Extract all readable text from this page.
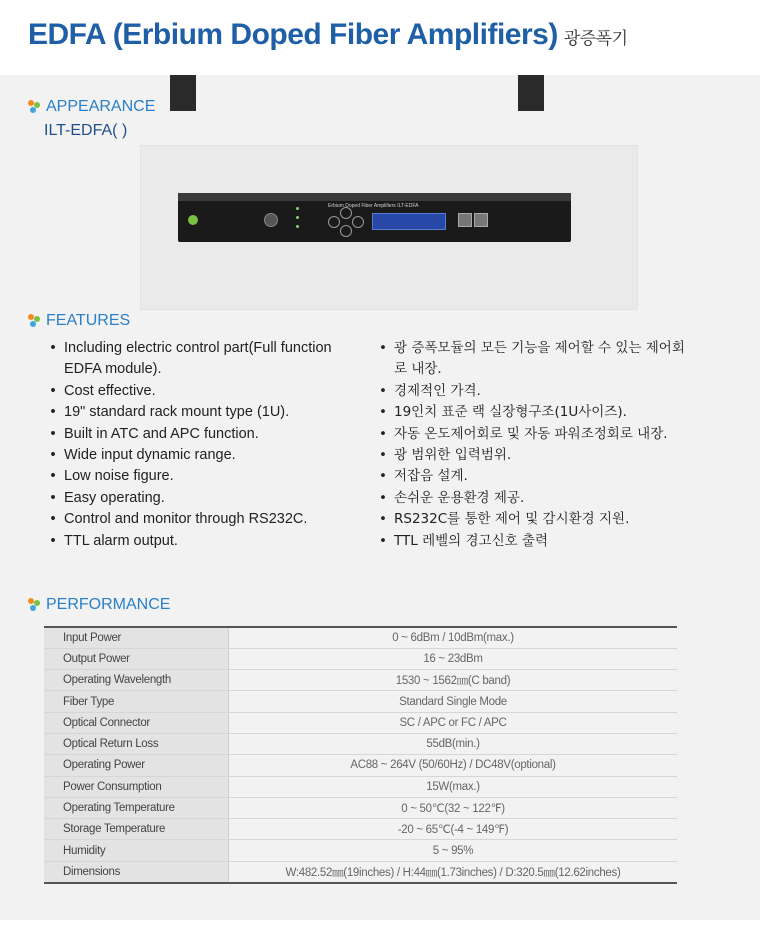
EDFA (Erbium Doped Fiber Amplifiers) 광증폭기
APPEARANCE
ILT-EDFA( )
Erbium Doped Fiber Amplifiers ILT-EDFA
FEATURES
• Including electric control part(Full function EDFA module).
• Cost effective.
• 19" standard rack mount type (1U).
• Built in ATC and APC function.
• Wide input dynamic range.
• Low noise figure.
• Easy operating.
• Control and monitor through RS232C.
• TTL alarm output.
• 광 증폭모듈의 모든 기능을 제어할 수 있는 제어회로 내장.
• 경제적인 가격.
• 19인치 표준 랙 실장형구조(1U사이즈).
• 자동 온도제어회로 및 자동 파워조정회로 내장.
• 광 범위한 입력범위.
• 저잡음 설계.
• 손쉬운 운용환경 제공.
• RS232C를 통한 제어 및 감시환경 지원.
• TTL 레벨의 경고신호 출력
PERFORMANCE
Input Power	0 ~ 6dBm / 10dBm(max.)
Output Power	16 ~ 23dBm
Operating Wavelength	1530 ~ 1562㎚(C band)
Fiber Type	Standard Single Mode
Optical Connector	SC / APC or FC / APC
Optical Return Loss	55dB(min.)
Operating Power	AC88 ~ 264V (50/60Hz) / DC48V(optional)
Power Consumption	15W(max.)
Operating Temperature	0 ~ 50℃(32 ~ 122℉)
Storage Temperature	-20 ~ 65℃(-4 ~ 149℉)
Humidity	5 ~ 95%
Dimensions	W:482.52㎜(19inches) / H:44㎜(1.73inches) / D:320.5㎜(12.62inches)
